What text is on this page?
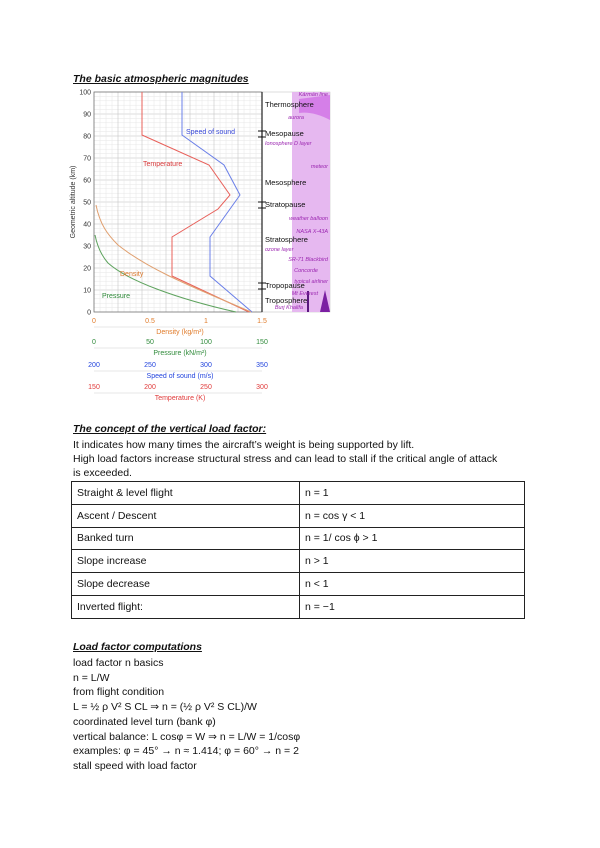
The basic atmospheric magnitudes
0
10
20
30
40
50
60
70
80
90
100
Geometric altitude (km)
Speed of sound
Temperature
Density
Pressure
Thermosphere
Mesopause
Mesosphere
Stratopause
Stratosphere
Tropopause
Troposphere
Kármán line
aurora
Ionosphere D layer
meteor
weather balloon
NASA X-43A
ozone layer
SR-71 Blackbird
Concorde
typical airliner
Mt Everest
Burj Khalifa
0	0.5	1	1.5
Density (kg/m³)
0	50	100	150
Pressure (kN/m²)
200	250	300	350
Speed of sound (m/s)
150	200	250	300
Temperature (K)
The concept of the vertical load factor:

It indicates how many times the aircraft’s weight is being supported by lift.

High load factors increase structural stress and can lead to stall if the critical angle of attack

is exceeded.

Straight & level flight	n = 1
Ascent / Descent	n = cos γ < 1
Banked turn	n = 1/ cos ϕ > 1
Slope increase	n > 1
Slope decrease	n < 1
Inverted flight:	n = −1
Load factor computations
load factor n basics
n = L/W
from flight condition
L = ½ ρ V² S CL ⇒ n = (½ ρ V² S CL)/W
coordinated level turn (bank φ)
vertical balance: L cosφ = W ⇒ n = L/W = 1/cosφ
examples: φ = 45° → n ≈ 1.414; φ = 60° → n = 2
stall speed with load factor
